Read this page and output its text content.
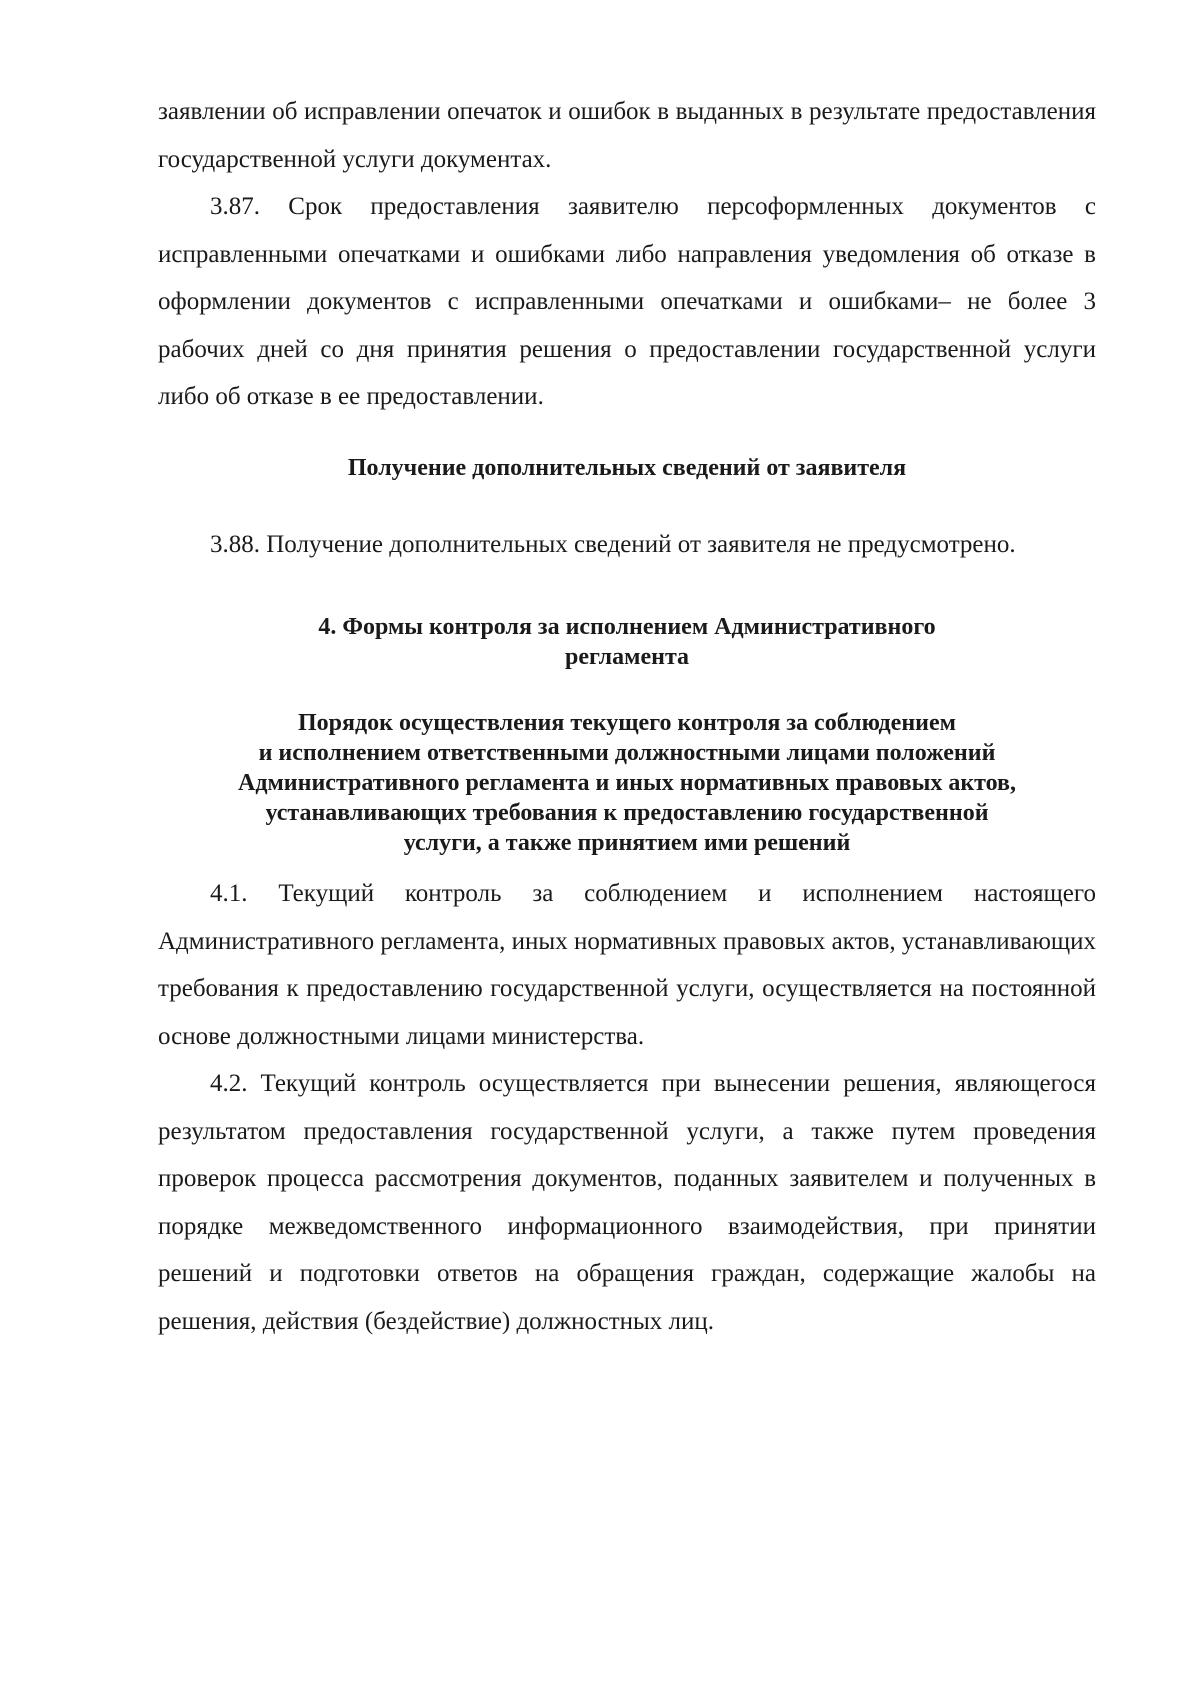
заявлении об исправлении опечаток и ошибок в выданных в результате предоставления государственной услуги документах.

3.87. Срок предоставления заявителю персоформленных документов с исправленными опечатками и ошибками либо направления уведомления об отказе в оформлении документов с исправленными опечатками и ошибками– не более 3 рабочих дней со дня принятия решения о предоставлении государственной услуги либо об отказе в ее предоставлении.

Получение дополнительных сведений от заявителя

3.88. Получение дополнительных сведений от заявителя не предусмотрено.

4. Формы контроля за исполнением Административного
регламента

Порядок осуществления текущего контроля за соблюдением
и исполнением ответственными должностными лицами положений
Административного регламента и иных нормативных правовых актов,
устанавливающих требования к предоставлению государственной
услуги, а также принятием ими решений

4.1. Текущий контроль за соблюдением и исполнением настоящего Административного регламента, иных нормативных правовых актов, устанавливающих требования к предоставлению государственной услуги, осуществляется на постоянной основе должностными лицами министерства.

4.2. Текущий контроль осуществляется при вынесении решения, являющегося результатом предоставления государственной услуги, а также путем проведения проверок процесса рассмотрения документов, поданных заявителем и полученных в порядке межведомственного информационного взаимодействия, при принятии решений и подготовки ответов на обращения граждан, содержащие жалобы на решения, действия (бездействие) должностных лиц.
